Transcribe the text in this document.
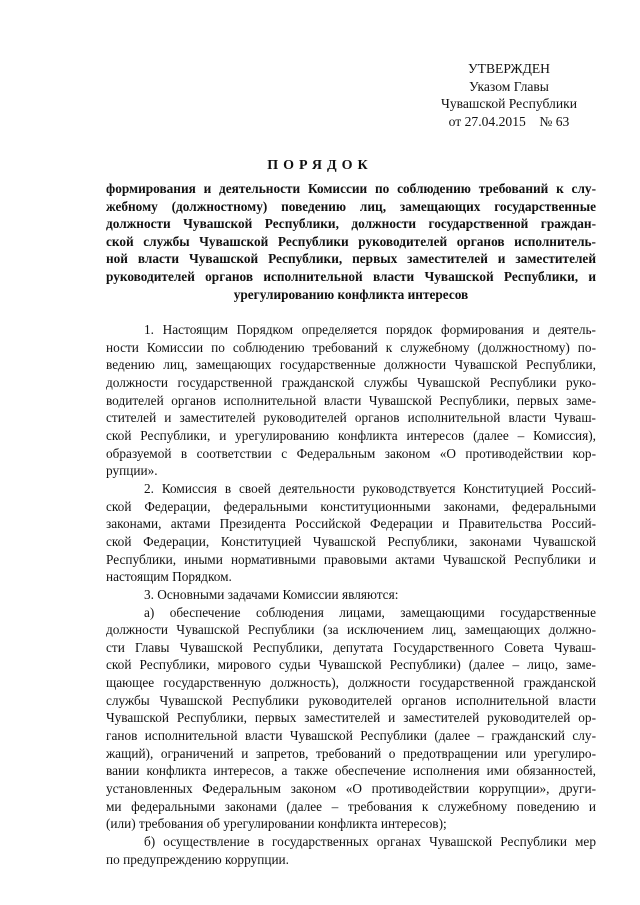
УТВЕРЖДЕН
Указом Главы
Чувашской Республики
от 27.04.2015    № 63
ПОРЯДОК
формирования и деятельности Комиссии по соблюдению требований к слу-
жебному (должностному) поведению лиц, замещающих государственные
должности Чувашской Республики, должности государственной граждан-
ской службы Чувашской Республики руководителей органов исполнитель-
ной власти Чувашской Республики, первых заместителей и заместителей
руководителей органов исполнительной власти Чувашской Республики, и
урегулированию конфликта интересов
1. Настоящим Порядком определяется порядок формирования и деятель-
ности Комиссии по соблюдению требований к служебному (должностному) по-
ведению лиц, замещающих государственные должности Чувашской Республики,
должности государственной гражданской службы Чувашской Республики руко-
водителей органов исполнительной власти Чувашской Республики, первых замe-
стителей и заместителей руководителей органов исполнительной власти Чуваш-
ской Республики, и урегулированию конфликта интересов (далее – Комиссия),
образуемой в соответствии с Федеральным законом «О противодействии кор-
рупции».
2. Комиссия в своей деятельности руководствуется Конституцией Россий-
ской Федерации, федеральными конституционными законами, федеральными
законами, актами Президента Российской Федерации и Правительства Россий-
ской Федерации, Конституцией Чувашской Республики, законами Чувашской
Республики, иными нормативными правовыми актами Чувашской Республики и
настоящим Порядком.
3. Основными задачами Комиссии являются:
а) обеспечение соблюдения лицами, замещающими государственные
должности Чувашской Республики (за исключением лиц, замещающих должно-
сти Главы Чувашской Республики, депутата Государственного Совета Чуваш-
ской Республики, мирового судьи Чувашской Республики) (далее – лицо, заме-
щающее государственную должность), должности государственной гражданской
службы Чувашской Республики руководителей органов исполнительной власти
Чувашской Республики, первых заместителей и заместителей руководителей ор-
ганов исполнительной власти Чувашской Республики (далее – гражданский слу-
жащий), ограничений и запретов, требований о предотвращении или урегулиро-
вании конфликта интересов, а также обеспечение исполнения ими обязанностей,
установленных Федеральным законом «О противодействии коррупции», други-
ми федеральными законами (далее – требования к служебному поведению и
(или) требования об урегулировании конфликта интересов);
б) осуществление в государственных органах Чувашской Республики мер
по предупреждению коррупции.
